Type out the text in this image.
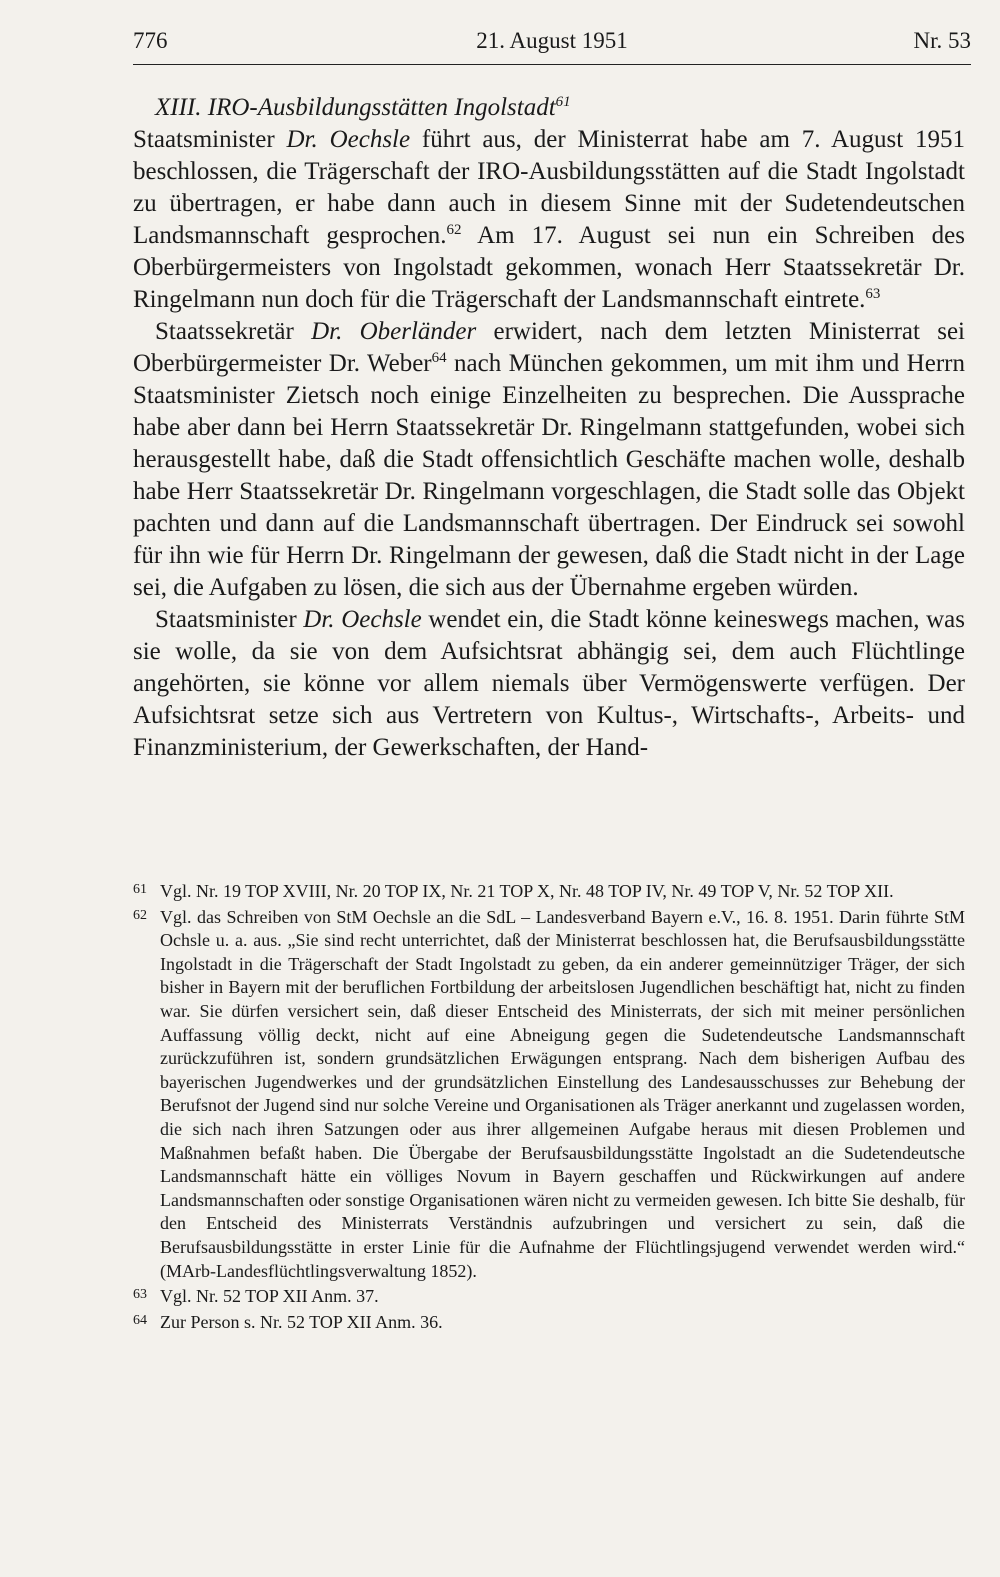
776	21. August 1951	Nr. 53

XIII. IRO-Ausbildungsstätten Ingolstadt$^{61}$

Staatsminister Dr. Oechsle führt aus, der Ministerrat habe am 7. August 1951 beschlossen, die Trägerschaft der IRO-Ausbildungsstätten auf die Stadt Ingolstadt zu übertragen, er habe dann auch in diesem Sinne mit der Sudetendeutschen Landsmannschaft gesprochen.$^{62}$ Am 17. August sei nun ein Schreiben des Oberbürgermeisters von Ingolstadt gekommen, wonach Herr Staatssekretär Dr. Ringelmann nun doch für die Trägerschaft der Landsmannschaft eintrete.$^{63}$

Staatssekretär Dr. Oberländer erwidert, nach dem letzten Ministerrat sei Oberbürgermeister Dr. Weber$^{64}$ nach München gekommen, um mit ihm und Herrn Staatsminister Zietsch noch einige Einzelheiten zu besprechen. Die Aussprache habe aber dann bei Herrn Staatssekretär Dr. Ringelmann stattgefunden, wobei sich herausgestellt habe, daß die Stadt offensichtlich Geschäfte machen wolle, deshalb habe Herr Staatssekretär Dr. Ringelmann vorgeschlagen, die Stadt solle das Objekt pachten und dann auf die Landsmannschaft übertragen. Der Eindruck sei sowohl für ihn wie für Herrn Dr. Ringelmann der gewesen, daß die Stadt nicht in der Lage sei, die Aufgaben zu lösen, die sich aus der Übernahme ergeben würden.

Staatsminister Dr. Oechsle wendet ein, die Stadt könne keineswegs machen, was sie wolle, da sie von dem Aufsichtsrat abhängig sei, dem auch Flüchtlinge angehörten, sie könne vor allem niemals über Vermögenswerte verfügen. Der Aufsichtsrat setze sich aus Vertretern von Kultus-, Wirtschafts-, Arbeits- und Finanzministerium, der Gewerkschaften, der Hand-

61 Vgl. Nr. 19 TOP XVIII, Nr. 20 TOP IX, Nr. 21 TOP X, Nr. 48 TOP IV, Nr. 49 TOP V, Nr. 52 TOP XII.
62 Vgl. das Schreiben von StM Oechsle an die SdL – Landesverband Bayern e.V., 16. 8. 1951. Darin führte StM Ochsle u. a. aus. „Sie sind recht unterrichtet, daß der Ministerrat beschlossen hat, die Berufsausbildungsstätte Ingolstadt in die Trägerschaft der Stadt Ingolstadt zu geben, da ein anderer gemeinnütziger Träger, der sich bisher in Bayern mit der beruflichen Fortbildung der arbeitslosen Jugendlichen beschäftigt hat, nicht zu finden war. Sie dürfen versichert sein, daß dieser Entscheid des Ministerrats, der sich mit meiner persönlichen Auffassung völlig deckt, nicht auf eine Abneigung gegen die Sudetendeutsche Landsmannschaft zurückzuführen ist, sondern grundsätzlichen Erwägungen entsprang. Nach dem bisherigen Aufbau des bayerischen Jugendwerkes und der grundsätzlichen Einstellung des Landesausschusses zur Behebung der Berufsnot der Jugend sind nur solche Vereine und Organisationen als Träger anerkannt und zugelassen worden, die sich nach ihren Satzungen oder aus ihrer allgemeinen Aufgabe heraus mit diesen Problemen und Maßnahmen befaßt haben. Die Übergabe der Berufsausbildungsstätte Ingolstadt an die Sudetendeutsche Landsmannschaft hätte ein völliges Novum in Bayern geschaffen und Rückwirkungen auf andere Landsmannschaften oder sonstige Organisationen wären nicht zu vermeiden gewesen. Ich bitte Sie deshalb, für den Entscheid des Ministerrats Verständnis aufzubringen und versichert zu sein, daß die Berufsausbildungsstätte in erster Linie für die Aufnahme der Flüchtlingsjugend verwendet werden wird.“ (MArb-Landesflüchtlingsverwaltung 1852).
63 Vgl. Nr. 52 TOP XII Anm. 37.
64 Zur Person s. Nr. 52 TOP XII Anm. 36.
